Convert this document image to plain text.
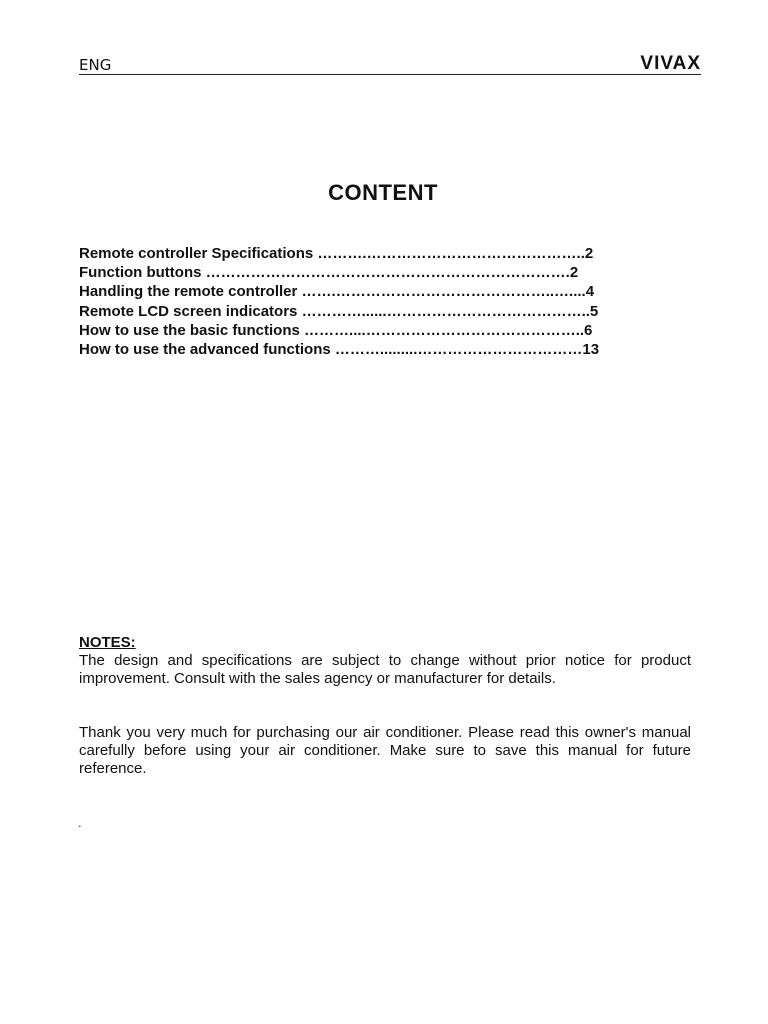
ENG	VIVAX
CONTENT
Remote controller Specifications ……….……………………………………..2
Function buttons ……………………………………………………………….2
Handling the remote controller …….……………………………………..…....4
Remote LCD screen indicators …………......…………………………………..5
How to use the basic functions ………....……………………………………..6
How to use the advanced functions ……….........……………………………13
NOTES:
The design and specifications are subject to change without prior notice for product improvement. Consult with the sales agency or manufacturer for details.
Thank you very much for purchasing our air conditioner. Please read this owner's manual carefully before using your air conditioner. Make sure to save this manual for future reference.
.
